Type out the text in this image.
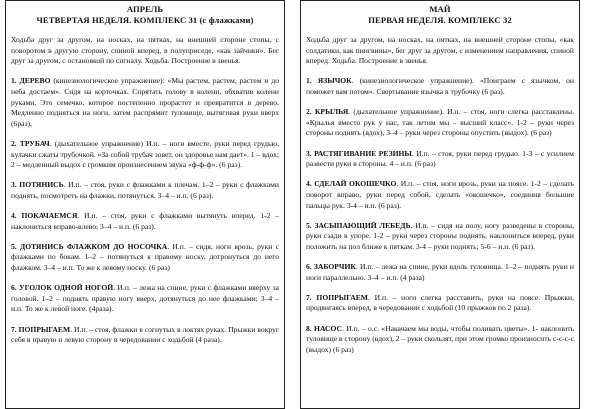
АПРЕЛЬ
ЧЕТВЕРТАЯ НЕДЕЛЯ. КОМПЛЕКС 31 (с флажками)
Ходьба друг за другом, на носках, на пятках, на внешней стороне стопы, с поворотом в другую сторону, спиной вперед, в полуприседе, «как зайчики». Бег друг за другом, с остановкой по сигналу. Ходьба. Построение в звенья.
1. ДЕРЕВО (кинезиологическое упражнение): «Мы растем, растем, растем и до неба достаем». Сидя на корточках. Спрятать голову в колени, обхватив колени руками. Это семечко, которое постепенно прорастет и превратится в дерево. Медленно подняться на ноги, затем распрямит туловище, вытягивая руки вверх (6раз),
2. ТРУБАЧ. (дыхательное упражнение) И.п. – ноги вместе, руки перед грудью, кулачки сжаты трубочкой. «За собой трубач зовет, он здоровье нам дает». 1 – вдох; 2 – медленный выдох с громким произнесением звука «ф-ф-ф». (6 раз).
3. ПОТЯНИСЬ. И.п. – стоя, руки с флажками к плечам. 1–2 – руки с флажками поднять, посмотреть на флажки, потянуться. 3–4 – и.п. (6 раз).
4. ПОКАЧАЕМСЯ. И.п. – стоя, руки с флажками вытянуть вперед. 1-2 – наклониться вправо-влево; 3–4 – и.п. (6 раз).
5. ДОТЯНИСЬ ФЛАЖКОМ ДО НОСОЧКА. И.п. – сидя, ноги врозь, руки с флажками по бокам. 1–2 – потянуться к правому носку, дотронуться до него флажком. 3–4 – и.п. То же к левому носку. (6 раз)
6. УГОЛОК ОДНОЙ НОГОЙ. И.п. – лежа на спине, руки с флажками вверху за головой. 1–2 – поднять правую ногу вверх, дотянуться до нее флажками; 3–4 – и.п. То же к левой ноге. (4раза).
7. ПОПРЫГАЕМ. И.п. – стоя, флажки в согнутых в локтях руках. Прыжки вокруг себя в правую и левую сторону в чередовании с ходьбой (4 раза).
МАЙ
ПЕРВАЯ НЕДЕЛЯ. КОМПЛЕКС 32
Ходьба друг за другом, на носках, на пятках, на внешней стороне стопы, «как солдатики, как пингвины», бег друг за другом, с изменением направления, спиной вперед. Ходьба. Построение в звенья.
1. ЯЗЫЧОК. (кинезиологическое упражнение). «Поиграем с язычком, он поможет вам потом». Свертывание язычка в трубочку (6 раз).
2. КРЫЛЬЯ. (дыхательное упражнение). И.п. – стоя, ноги слегка расставлены. «Крылья вместо рук у нас, так летим мы – высший класс». 1-2 – руки через стороны поднять (вдох), 3–4 – руки через стороны опустить (выдох). (6 раз)
3. РАСТЯГИВАНИЕ РЕЗИНЫ. И.п. – стоя, руки перед грудью. 1-3 – с усилием развести руки в стороны. 4 – и.п. (6 раз)
4. СДЕЛАЙ ОКОШЕЧКО. И.п. – стоя, ноги врозь, руки на поясе. 1-2 – сделать поворот вправо, руки перед собой, сделать «окошечко», соединив большие пальцы рук. 3-4 – и.п. (6 раз).
5. ЗАСЫПАЮЩИЙ ЛЕБЕДЬ. И.п. – сидя на полу, ногу разведены в стороны, руки сзади в упоре. 1-2 – руки через стороны поднять, наклониться вперед, руки положить на пол ближе к пяткам. 3-4 – руки поднять; 5-6 – и.п. (6 раз).
6. ЗАБОРЧИК. И.п. – лежа на спине, руки вдоль туловища. 1–2 – поднять руки и ноги параллельно. 3–4 – и.п. (4 раза)
7. ПОПРЫГАЕМ. И.п. – ноги слегка расставить, руки на поясе. Прыжки, продвигаясь вперед, в чередовании с ходьбой (10 прыжков по 2 раза).
8. НАСОС. И.п. – о.с. «Накачаем мы воды, чтобы поливать цветы». 1- наклонить туловище в сторону (вдох), 2 – руки скользят, при этом громко произносить с-с-с-с (выдох) (6 раз)
